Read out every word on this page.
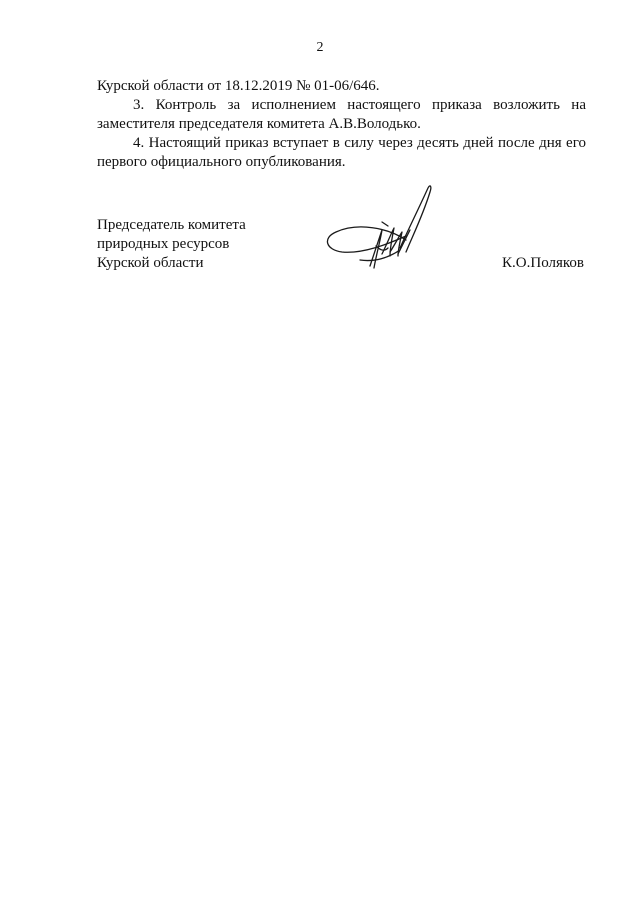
2

Курской области от 18.12.2019 № 01-06/646.

3. Контроль за исполнением настоящего приказа возложить на заместителя председателя комитета А.В.Володько.

4. Настоящий приказ вступает в силу через десять дней после дня его первого официального опубликования.

Председатель комитета
природных ресурсов
Курской области	К.О.Поляков
